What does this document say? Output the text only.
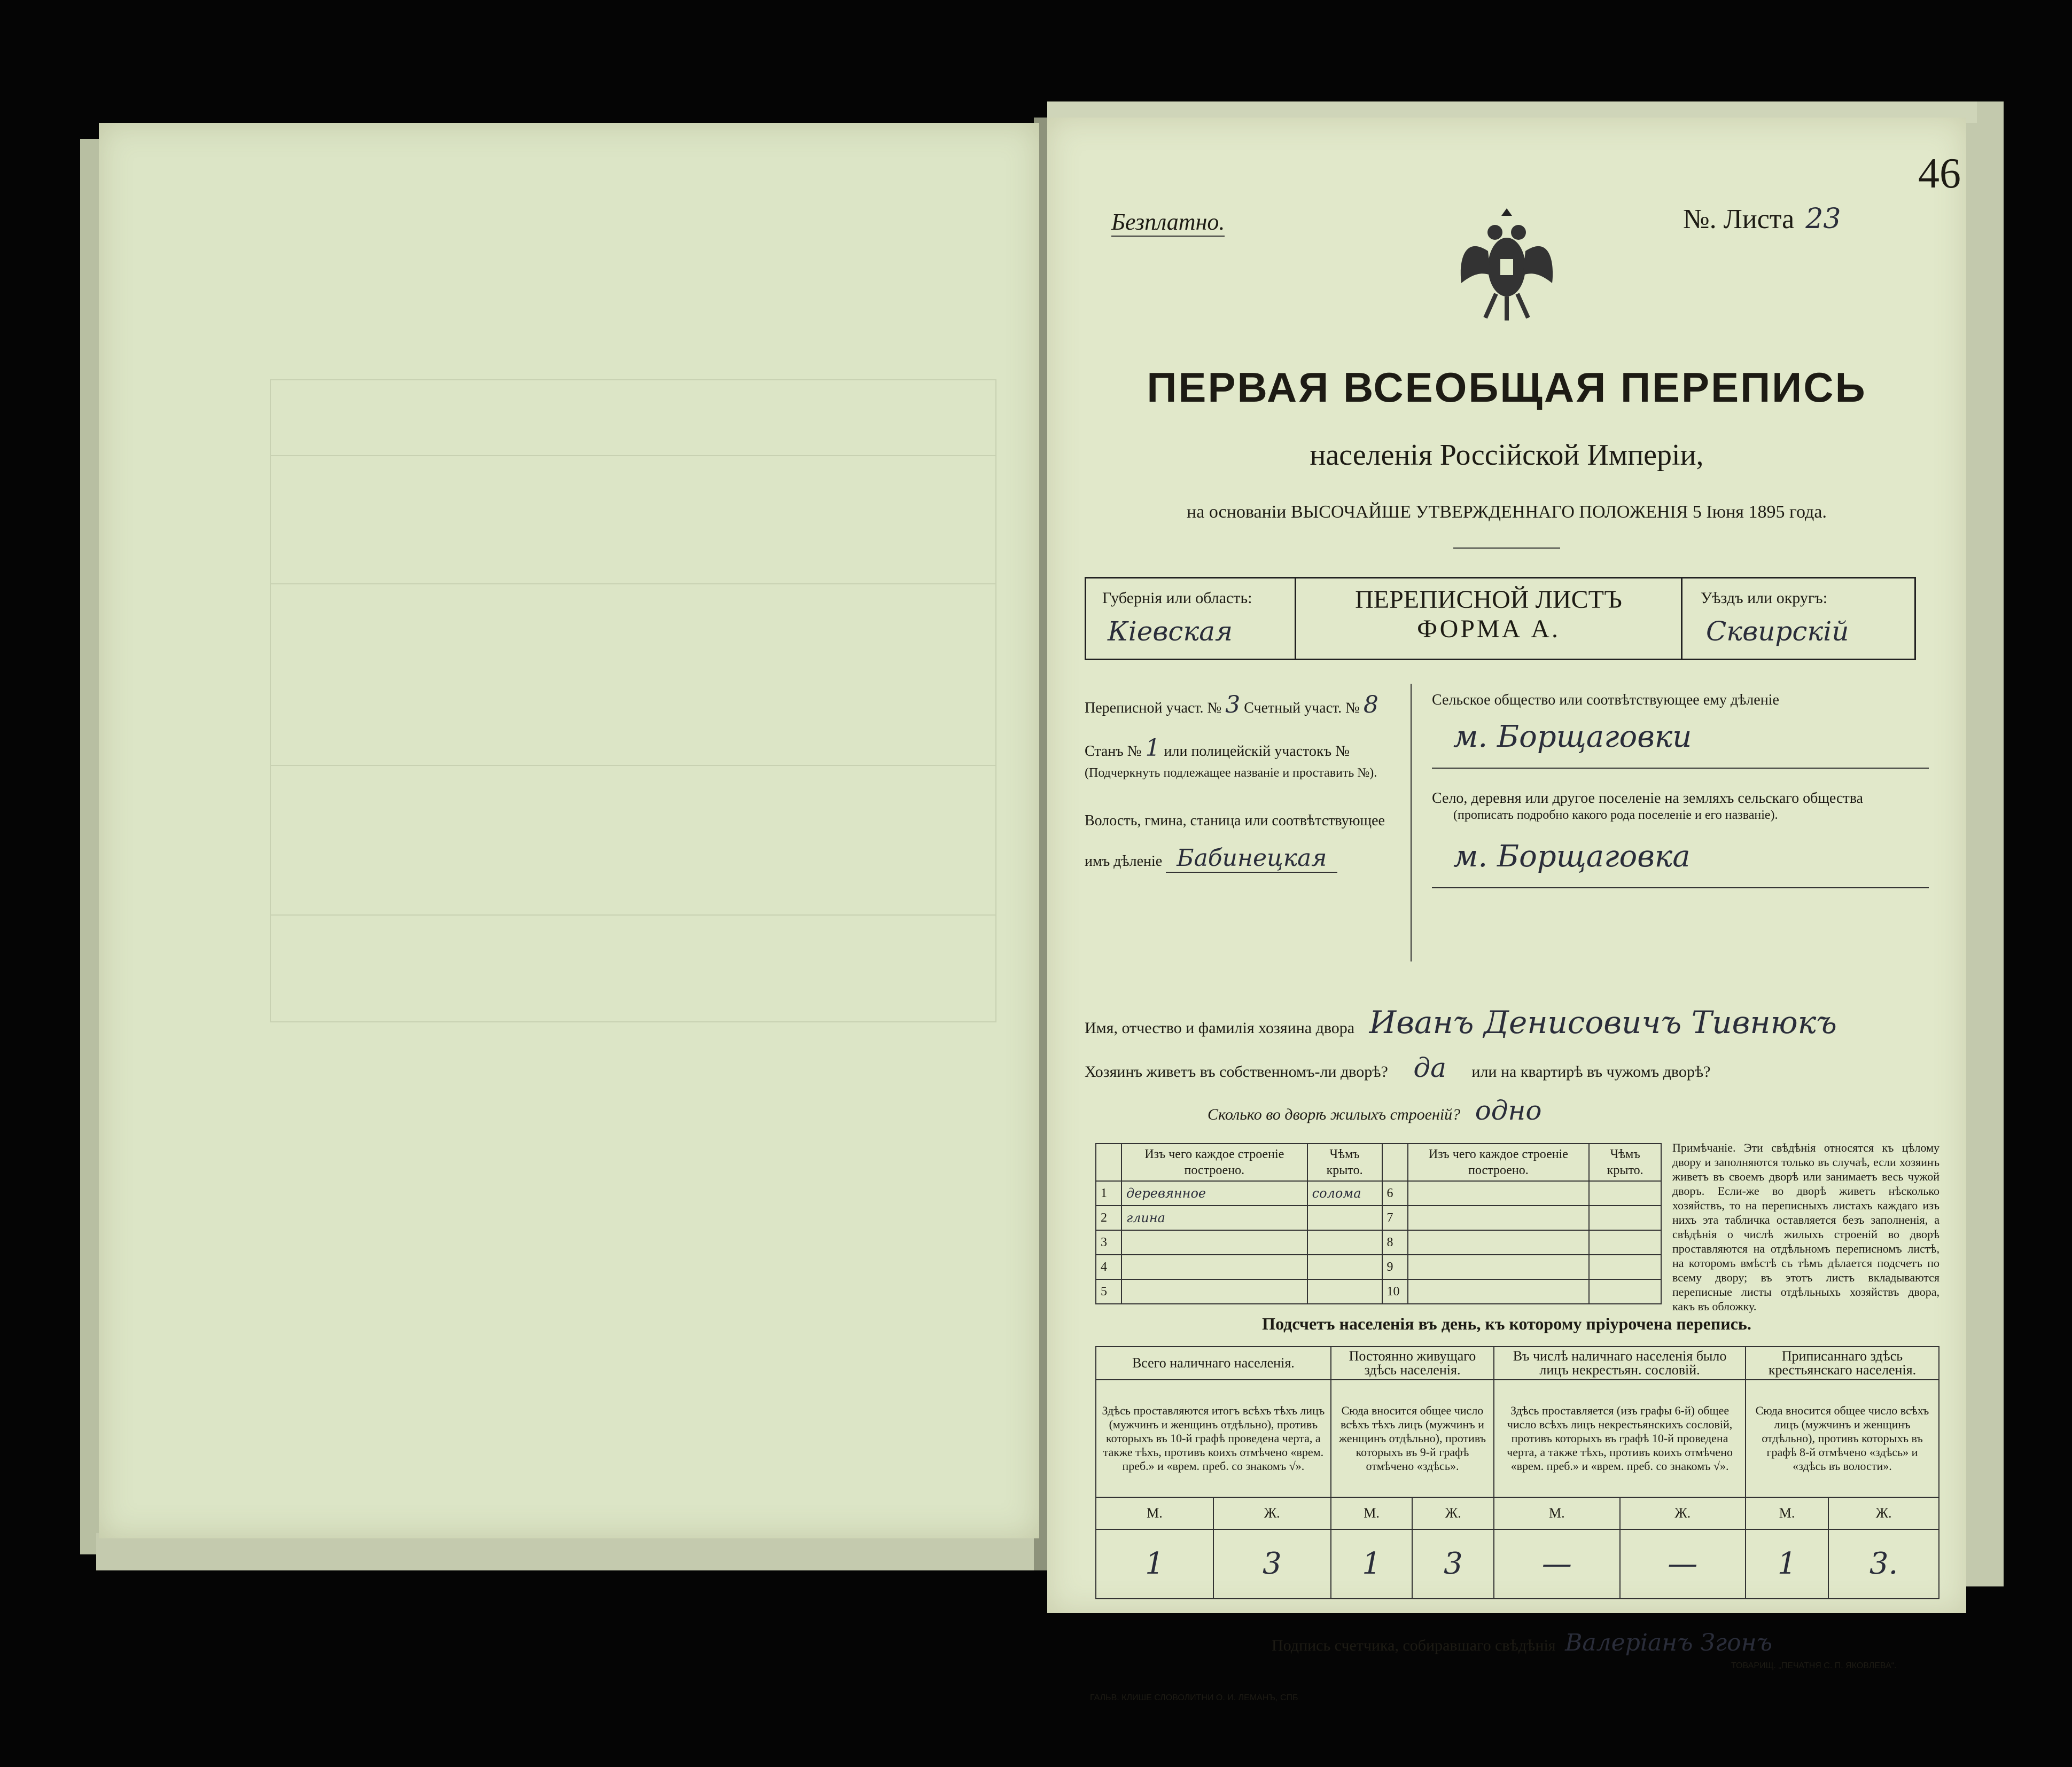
46
Безплатно.	№. Листа 23
ПЕРВАЯ ВСЕОБЩАЯ ПЕРЕПИСЬ
населенія Россійской Имперіи,
на основаніи ВЫСОЧАЙШЕ УТВЕРЖДЕННАГО ПОЛОЖЕНІЯ 5 Іюня 1895 года.
Губернія или область:
Кіевская
ПЕРЕПИСНОЙ ЛИСТЪ
ФОРМА А.
Уѣздъ или округъ:
Сквирскій
Переписной участ. № 3 Счетный участ. № 8
Станъ № 1 или полицейскій участокъ №
(Подчеркнуть подлежащее названіе и проставить №).
Волость, гмина, станица или соотвѣтствующее
имъ дѣленіе Бабинецкая
Сельское общество или соотвѣтствующее ему дѣленіе
м. Борщаговки
Село, деревня или другое поселеніе на земляхъ сельскаго общества
(прописать подробно какого рода поселеніе и его названіе).
м. Борщаговка
Имя, отчество и фамилія хозяина двора Иванъ Денисовичъ Тивнюкъ
Хозяинъ живетъ въ собственномъ-ли дворѣ? да или на квартирѣ въ чужомъ дворѣ?
Сколько во дворѣ жилыхъ строеній? одно
	Изъ чего каждое строеніе построено.	Чѣмъ крыто.		Изъ чего каждое строеніе построено.	Чѣмъ крыто.
1	деревянное	солома	6		
2	глина		7		
3			8		
4			9		
5			10		
Примѣчаніе. Эти свѣдѣнія относятся къ цѣлому двору и заполняются только въ случаѣ, если хозяинъ живетъ въ своемъ дворѣ или занимаетъ весь чужой дворъ. Если-же во дворѣ живетъ нѣсколько хозяйствъ, то на переписныхъ листахъ каждаго изъ нихъ эта табличка оставляется безъ заполненія, а свѣдѣнія о числѣ жилыхъ строеній во дворѣ проставляются на отдѣльномъ переписномъ листѣ, на которомъ вмѣстѣ съ тѣмъ дѣлается подсчетъ по всему двору; въ этотъ листъ вкладываются переписные листы отдѣльныхъ хозяйствъ двора, какъ въ обложку.
Подсчетъ населенія въ день, къ которому пріурочена перепись.
Всего наличнаго населенія.		Постоянно живущаго здѣсь населенія.		Въ числѣ наличнаго населенія было лицъ некрестьян. сословій.		Приписаннаго здѣсь крестьянскаго населенія.	
Здѣсь проставляются итогъ всѣхъ тѣхъ лицъ (мужчинъ и женщинъ отдѣльно), противъ которыхъ въ 10-й графѣ проведена черта, а также тѣхъ, противъ коихъ отмѣчено «врем. преб.» и «врем. преб. со знакомъ √».		Сюда вносится общее число всѣхъ тѣхъ лицъ (мужчинъ и женщинъ отдѣльно), противъ которыхъ въ 9-й графѣ отмѣчено «здѣсь».		Здѣсь проставляется (изъ графы 6-й) общее число всѣхъ лицъ некрестьянскихъ сословій, противъ которыхъ въ графѣ 10-й проведена черта, а также тѣхъ, противъ коихъ отмѣчено «врем. преб.» и «врем. преб. со знакомъ √».		Сюда вносится общее число всѣхъ лицъ (мужчинъ и женщинъ отдѣльно), противъ которыхъ въ графѣ 8-й отмѣчено «здѣсь» и «здѣсь въ волости».	
М.	Ж.	М.	Ж.	М.	Ж.	М.	Ж.
1	3	1	3	—	—	1	3.
Подпись счетчика, собиравшаго свѣдѣнія Валеріанъ Згонъ
ГАЛЬВ. КЛИШЕ СЛОВОЛИТНИ О. И. ЛЕМАНЪ, СПБ
ТОВАРИЩ. „ПЕЧАТНЯ С. П. ЯКОВЛЕВА“.
